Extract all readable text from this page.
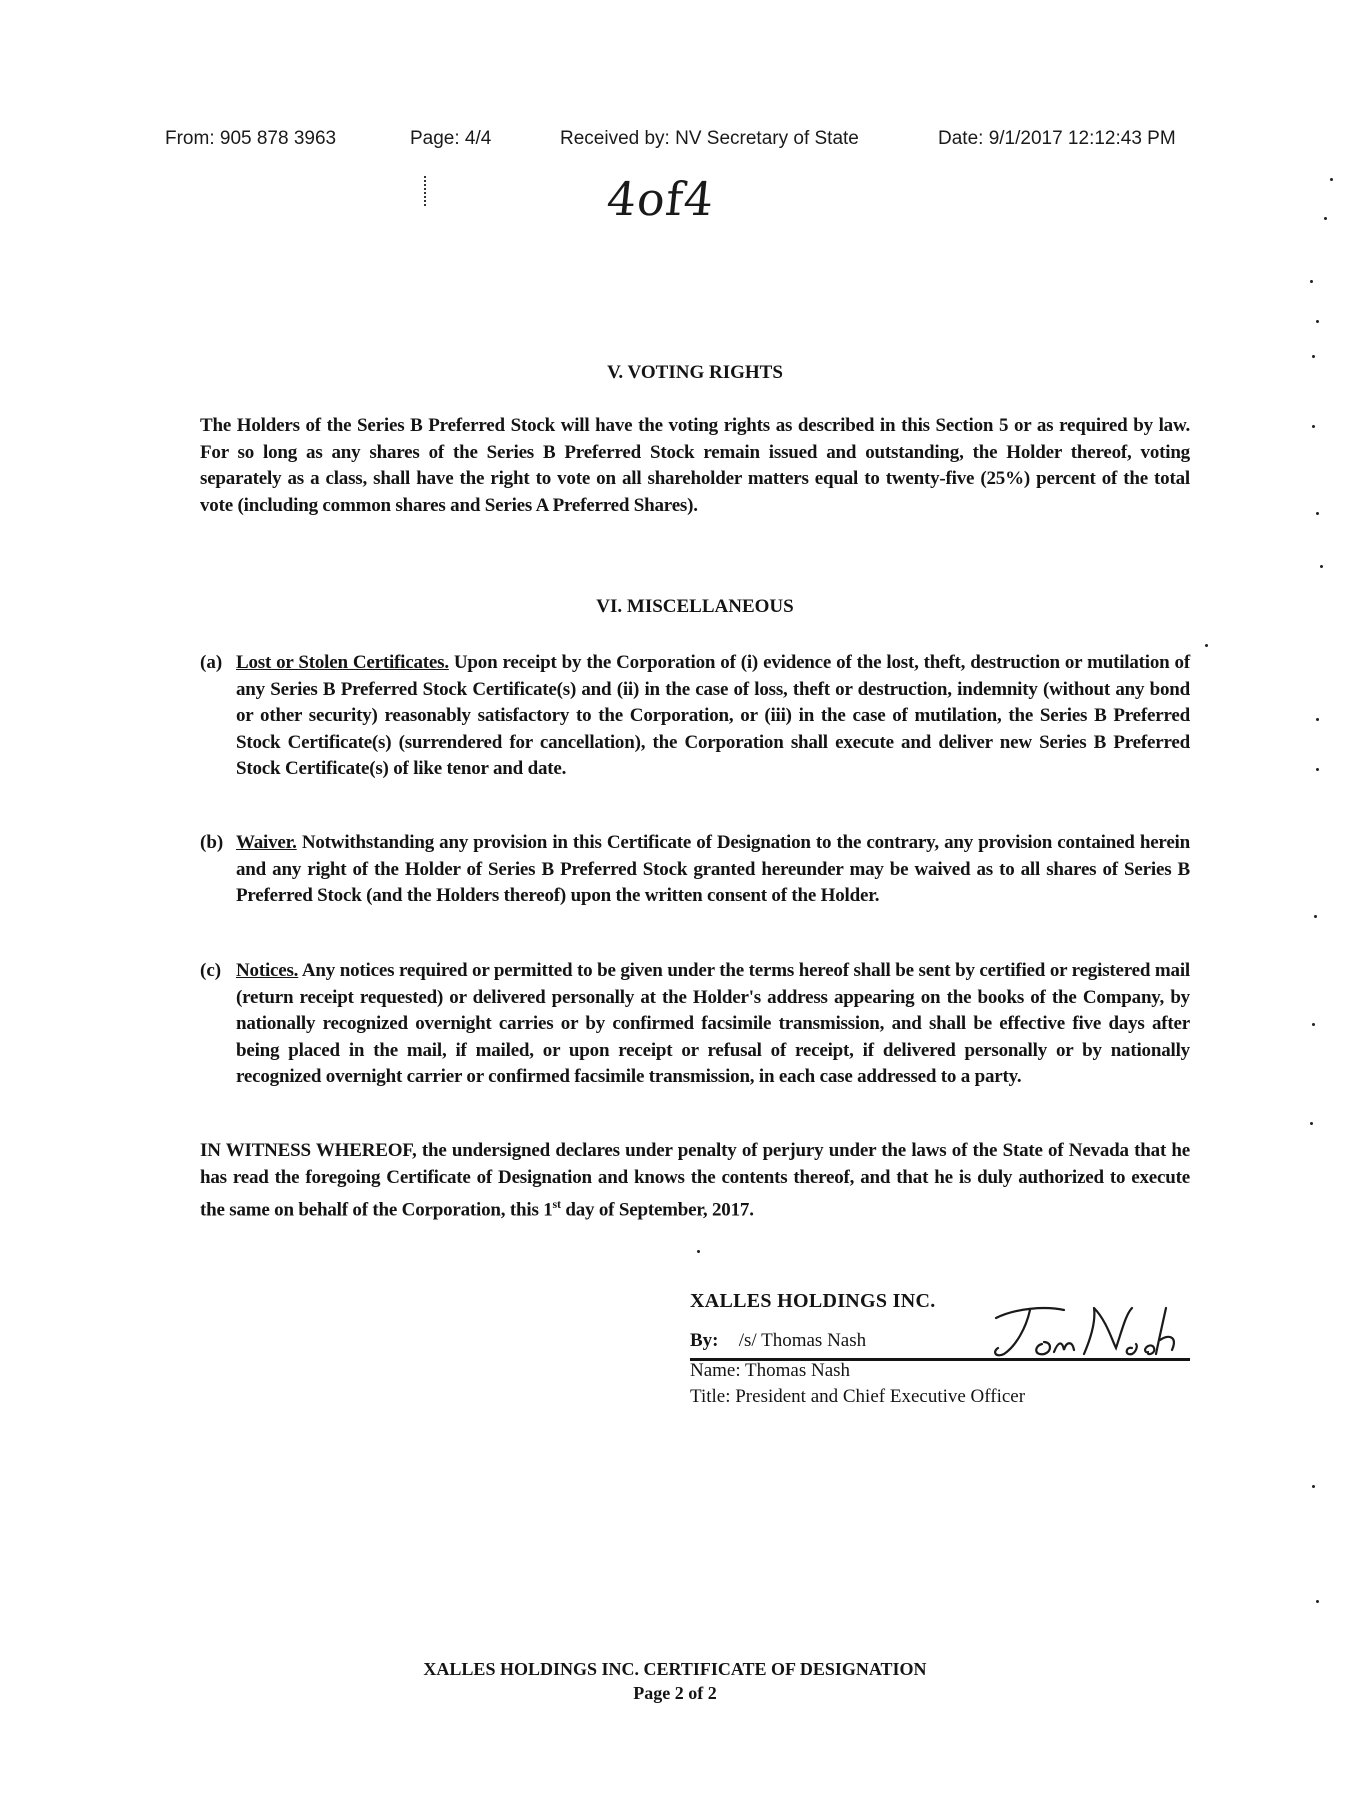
From: 905 878 3963	Page: 4/4	Received by: NV Secretary of State	Date: 9/1/2017 12:12:43 PM
4of4
V. VOTING RIGHTS

The Holders of the Series B Preferred Stock will have the voting rights as described in this Section 5 or as required by law. For so long as any shares of the Series B Preferred Stock remain issued and outstanding, the Holder thereof, voting separately as a class, shall have the right to vote on all shareholder matters equal to twenty-five (25%) percent of the total vote (including common shares and Series A Preferred Shares).

VI. MISCELLANEOUS
(a) Lost or Stolen Certificates. Upon receipt by the Corporation of (i) evidence of the lost, theft, destruction or mutilation of any Series B Preferred Stock Certificate(s) and (ii) in the case of loss, theft or destruction, indemnity (without any bond or other security) reasonably satisfactory to the Corporation, or (iii) in the case of mutilation, the Series B Preferred Stock Certificate(s) (surrendered for cancellation), the Corporation shall execute and deliver new Series B Preferred Stock Certificate(s) of like tenor and date.

(b) Waiver. Notwithstanding any provision in this Certificate of Designation to the contrary, any provision contained herein and any right of the Holder of Series B Preferred Stock granted hereunder may be waived as to all shares of Series B Preferred Stock (and the Holders thereof) upon the written consent of the Holder.

(c) Notices. Any notices required or permitted to be given under the terms hereof shall be sent by certified or registered mail (return receipt requested) or delivered personally at the Holder's address appearing on the books of the Company, by nationally recognized overnight carries or by confirmed facsimile transmission, and shall be effective five days after being placed in the mail, if mailed, or upon receipt or refusal of receipt, if delivered personally or by nationally recognized overnight carrier or confirmed facsimile transmission, in each case addressed to a party.

IN WITNESS WHEREOF, the undersigned declares under penalty of perjury under the laws of the State of Nevada that he has read the foregoing Certificate of Designation and knows the contents thereof, and that he is duly authorized to execute the same on behalf of the Corporation, this 1st day of September, 2017.

XALLES HOLDINGS INC.
By: /s/ Thomas Nash
Name: Thomas Nash
Title: President and Chief Executive Officer
XALLES HOLDINGS INC. CERTIFICATE OF DESIGNATION
Page 2 of 2
